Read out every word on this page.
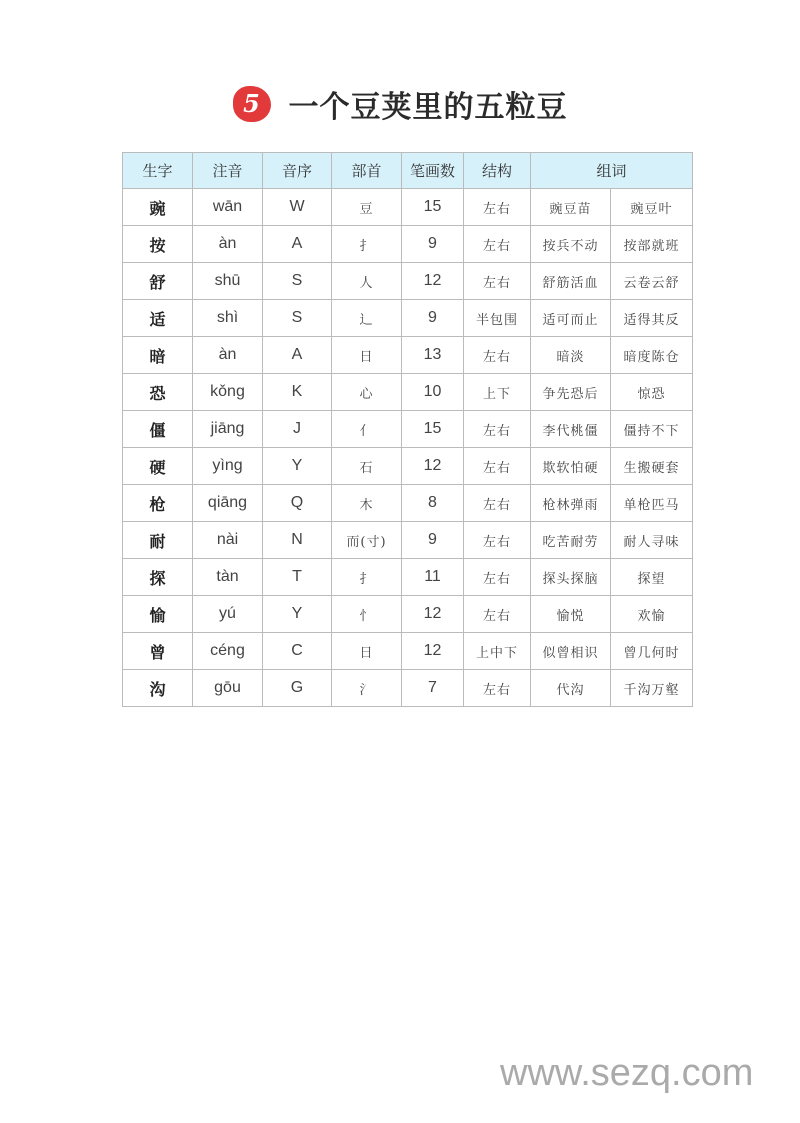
5 一个豆荚里的五粒豆
生字	注音	音序	部首	笔画数	结构	组词	
豌	wān	W	豆	15	左右	豌豆苗	豌豆叶
按	àn	A	扌	9	左右	按兵不动	按部就班
舒	shū	S	人	12	左右	舒筋活血	云卷云舒
适	shì	S	辶	9	半包围	适可而止	适得其反
暗	àn	A	日	13	左右	暗淡	暗度陈仓
恐	kǒng	K	心	10	上下	争先恐后	惊恐
僵	jiāng	J	亻	15	左右	李代桃僵	僵持不下
硬	yìng	Y	石	12	左右	欺软怕硬	生搬硬套
枪	qiāng	Q	木	8	左右	枪林弹雨	单枪匹马
耐	nài	N	而(寸)	9	左右	吃苦耐劳	耐人寻味
探	tàn	T	扌	11	左右	探头探脑	探望
愉	yú	Y	忄	12	左右	愉悦	欢愉
曾	céng	C	日	12	上中下	似曾相识	曾几何时
沟	gōu	G	氵	7	左右	代沟	千沟万壑
www.sezq.com
